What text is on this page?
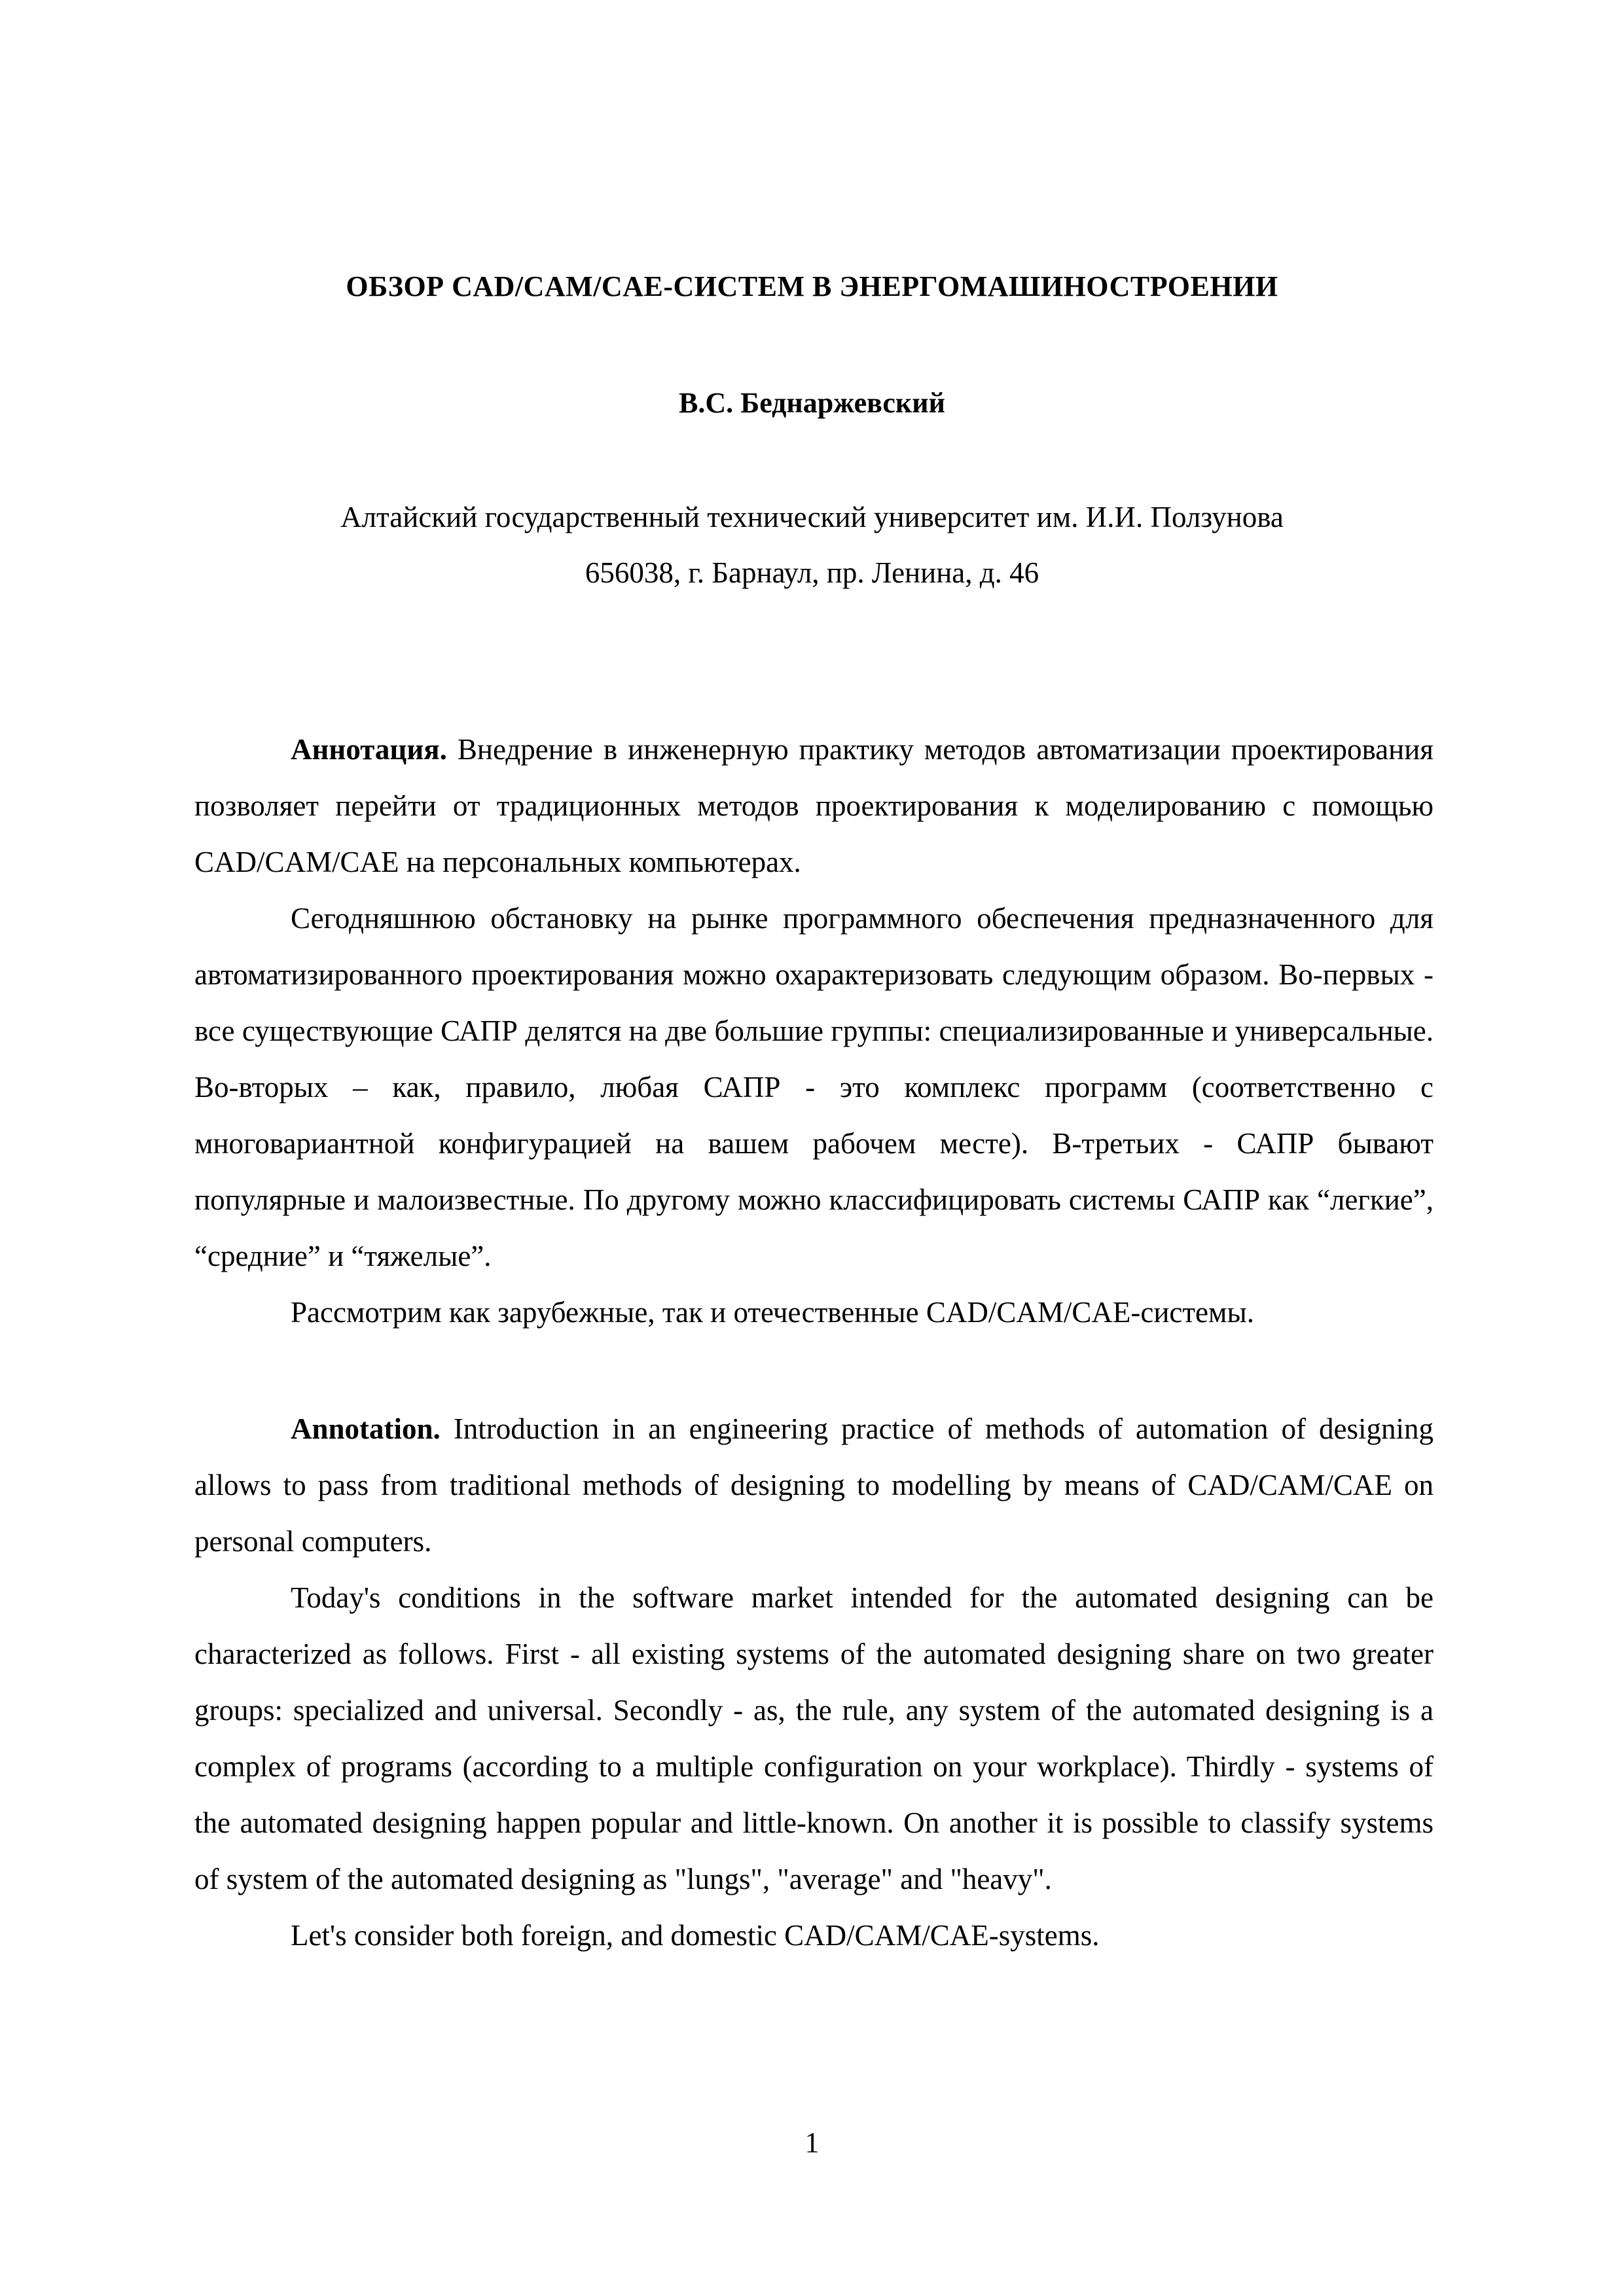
ОБЗОР CAD/CAM/CAE-СИСТЕМ В ЭНЕРГОМАШИНОСТРОЕНИИ
В.С. Беднаржевский
Алтайский государственный технический университет им. И.И. Ползунова
656038, г. Барнаул, пр. Ленина, д. 46

Аннотация. Внедрение в инженерную практику методов автоматизации проектирования позволяет перейти от традиционных методов проектирования к моделированию с помощью CAD/CAM/CAE на персональных компьютерах.

Сегодняшнюю обстановку на рынке программного обеспечения предназначенного для автоматизированного проектирования можно охарактеризовать следующим образом. Во-первых - все существующие САПР делятся на две большие группы: специализированные и универсальные. Во-вторых – как, правило, любая САПР - это комплекс программ (соответственно с многовариантной конфигурацией на вашем рабочем месте). В-третьих - САПР бывают популярные и малоизвестные. По другому можно классифицировать системы САПР как “легкие”, “средние” и “тяжелые”.

Рассмотрим как зарубежные, так и отечественные CAD/CAM/CAE-системы.

Annotation. Introduction in an engineering practice of methods of automation of designing allows to pass from traditional methods of designing to modelling by means of CAD/CAM/CAE on personal computers.

Today's conditions in the software market intended for the automated designing can be characterized as follows. First - all existing systems of the automated designing share on two greater groups: specialized and universal. Secondly - as, the rule, any system of the automated designing is a complex of programs (according to a multiple configuration on your workplace). Thirdly - systems of the automated designing happen popular and little-known. On another it is possible to classify systems of system of the automated designing as "lungs", "average" and "heavy".

Let's consider both foreign, and domestic CAD/CAM/CAE-systems.

1
